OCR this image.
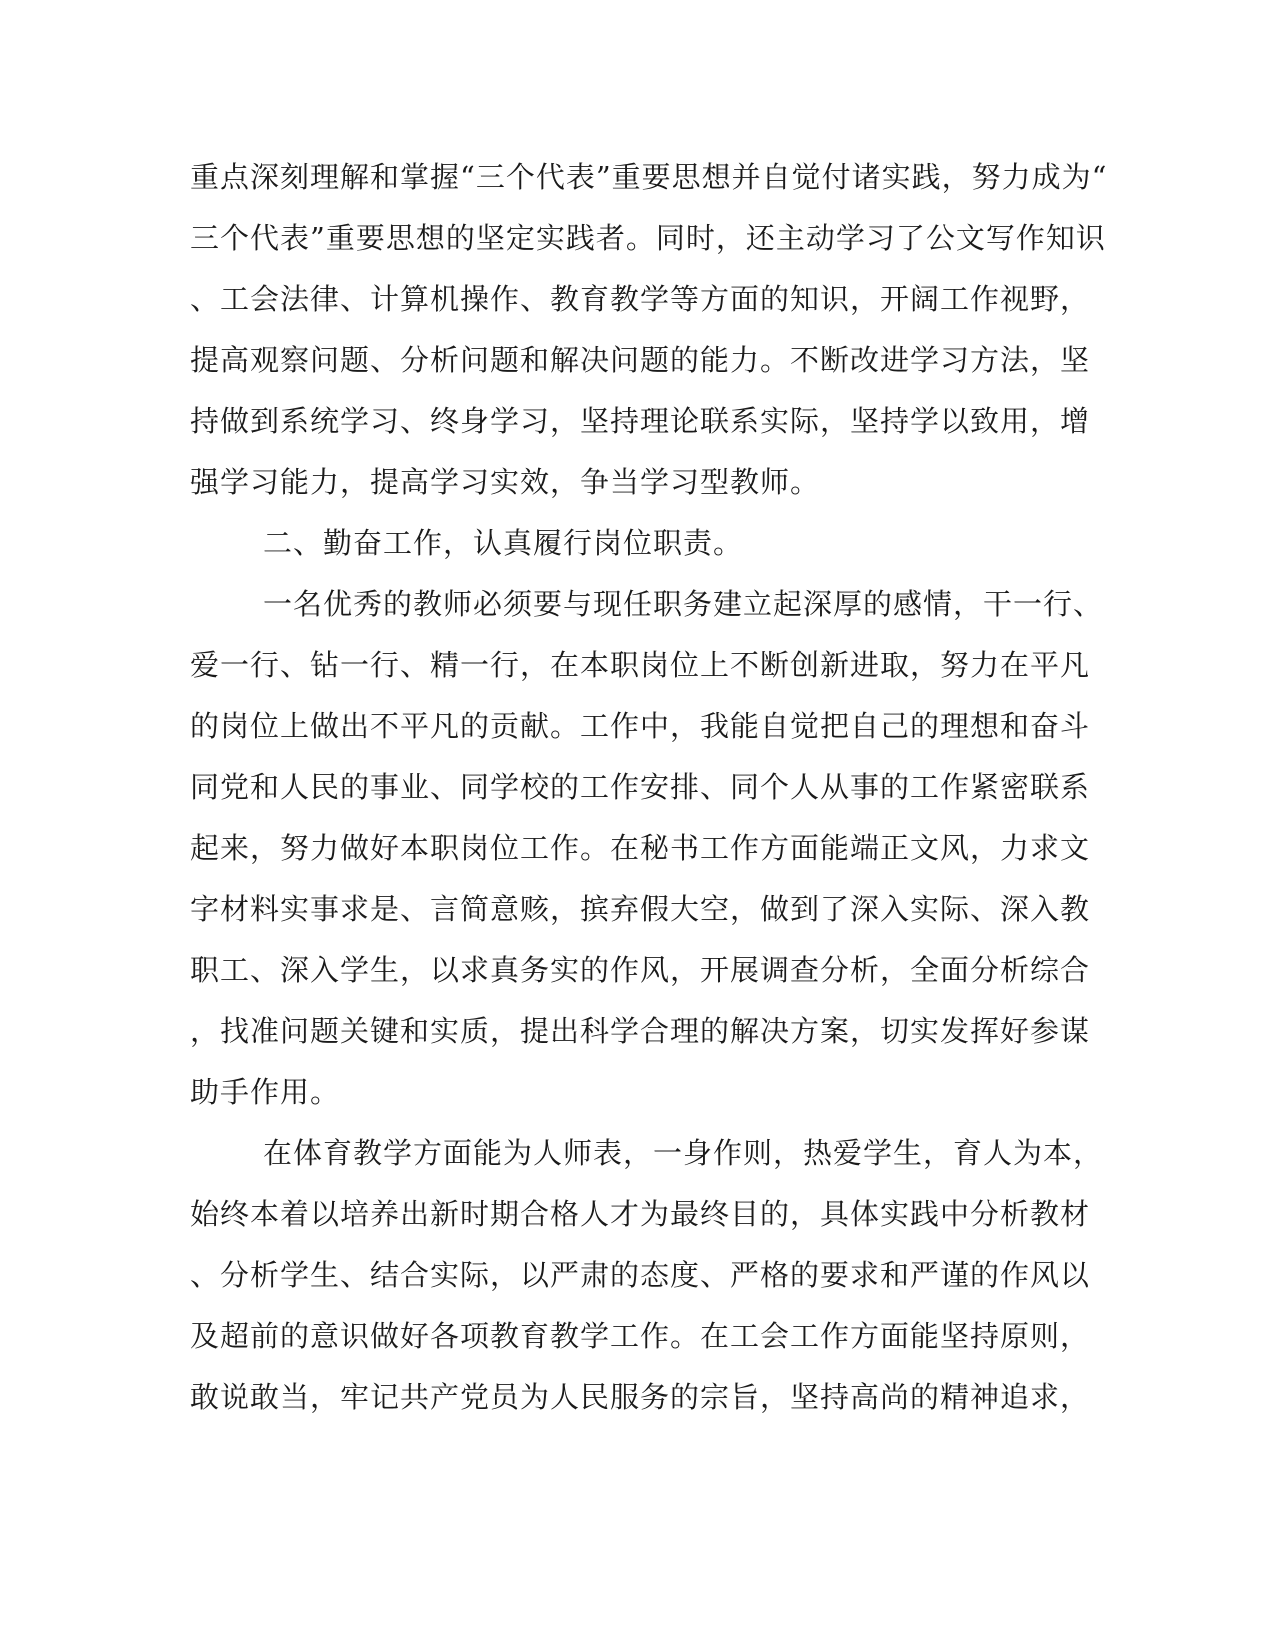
重点深刻理解和掌握“三个代表”重要思想并自觉付诸实践，努力成为“
三个代表”重要思想的坚定实践者。同时，还主动学习了公文写作知识
、工会法律、计算机操作、教育教学等方面的知识，开阔工作视野，
提高观察问题、分析问题和解决问题的能力。不断改进学习方法，坚
持做到系统学习、终身学习，坚持理论联系实际，坚持学以致用，增
强学习能力，提高学习实效，争当学习型教师。
二、勤奋工作，认真履行岗位职责。
一名优秀的教师必须要与现任职务建立起深厚的感情，干一行、
爱一行、钻一行、精一行，在本职岗位上不断创新进取，努力在平凡
的岗位上做出不平凡的贡献。工作中，我能自觉把自己的理想和奋斗
同党和人民的事业、同学校的工作安排、同个人从事的工作紧密联系
起来，努力做好本职岗位工作。在秘书工作方面能端正文风，力求文
字材料实事求是、言简意赅，摈弃假大空，做到了深入实际、深入教
职工、深入学生，以求真务实的作风，开展调查分析，全面分析综合
，找准问题关键和实质，提出科学合理的解决方案，切实发挥好参谋
助手作用。
在体育教学方面能为人师表，一身作则，热爱学生，育人为本，
始终本着以培养出新时期合格人才为最终目的，具体实践中分析教材
、分析学生、结合实际，以严肃的态度、严格的要求和严谨的作风以
及超前的意识做好各项教育教学工作。在工会工作方面能坚持原则，
敢说敢当，牢记共产党员为人民服务的宗旨，坚持高尚的精神追求，
